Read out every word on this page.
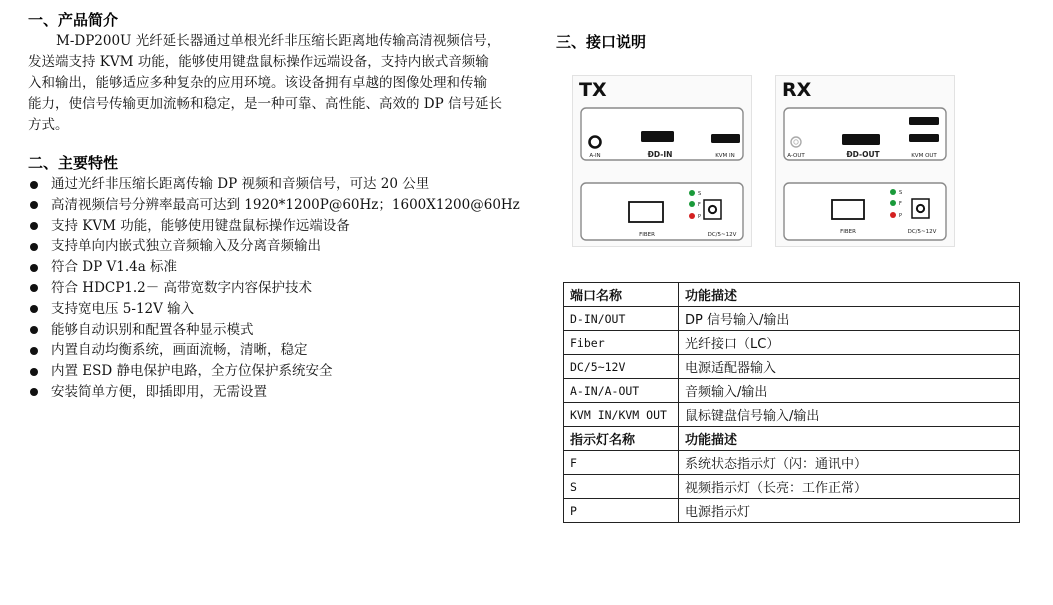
一、产品简介
M-DP200U 光纤延长器通过单根光纤非压缩长距离地传输高清视频信号，
发送端支持 KVM 功能，能够使用键盘鼠标操作远端设备，支持内嵌式音频输
入和输出，能够适应多种复杂的应用环境。该设备拥有卓越的图像处理和传输
能力，使信号传输更加流畅和稳定，是一种可靠、高性能、高效的 DP 信号延长
方式。
二、主要特性
通过光纤非压缩长距离传输 DP 视频和音频信号，可达 20 公里
高清视频信号分辨率最高可达到 1920*1200P@60Hz；1600X1200@60Hz
支持 KVM 功能，能够使用键盘鼠标操作远端设备
支持单向内嵌式独立音频输入及分离音频输出
符合 DP V1.4a 标准
符合 HDCP1.2－ 高带宽数字内容保护技术
支持宽电压 5-12V 输入
能够自动识别和配置各种显示模式
内置自动均衡系统，画面流畅，清晰，稳定
内置 ESD 静电保护电路，全方位保护系统安全
安装简单方便，即插即用，无需设置
三、接口说明
TX
A-IN	ÐD-IN	KVM IN
FIBER
S
F
P
DC/5~12V
RX
A-OUT	ÐD-OUT	KVM OUT
FIBER
S
F
P
DC/5~12V
端口名称	功能描述
D-IN/OUT	DP 信号输入/输出
Fiber	光纤接口（LC）
DC/5~12V	电源适配器输入
A-IN/A-OUT	音频输入/输出
KVM IN/KVM OUT	鼠标键盘信号输入/输出
指示灯名称	功能描述
F	系统状态指示灯（闪：通讯中）
S	视频指示灯（长亮：工作正常）
P	电源指示灯
